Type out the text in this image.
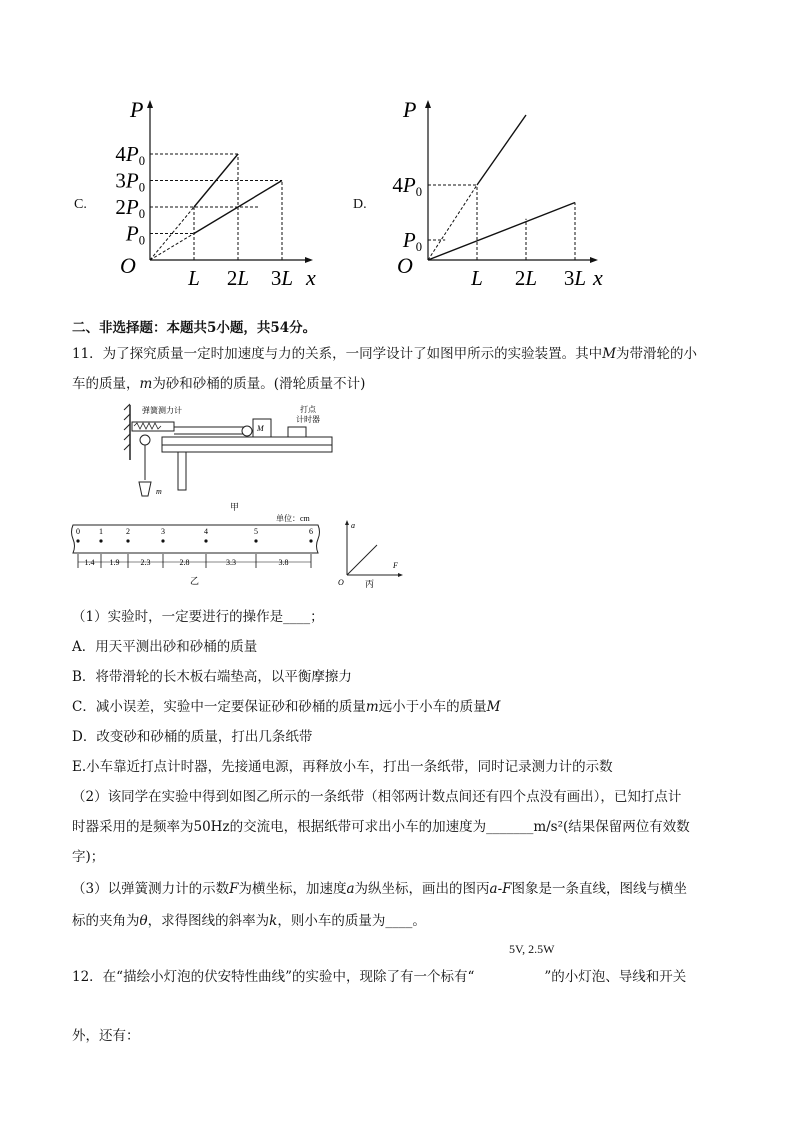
C.
P
x
O
P0
2P0
3P0
4P0
L 2L 3L
D.
P
x
O
P0
4P0
L 2L 3L
二、非选择题：本题共5小题，共54分。
11．为了探究质量一定时加速度与力的关系，一同学设计了如图甲所示的实验装置。其中M为带滑轮的小
车的质量，m为砂和砂桶的质量。(滑轮质量不计)
弹簧测力计
M
打点
计时器
m
甲
单位：cm
0 1	2	3	4	5	6
1.4 1.9	2.3	2.8	3.3	3.8
乙
a
F
O 丙
（1）实验时，一定要进行的操作是____；
A．用天平测出砂和砂桶的质量
B．将带滑轮的长木板右端垫高，以平衡摩擦力
C．减小误差，实验中一定要保证砂和砂桶的质量m远小于小车的质量M
D．改变砂和砂桶的质量，打出几条纸带
E.小车靠近打点计时器，先接通电源，再释放小车，打出一条纸带，同时记录测力计的示数
（2）该同学在实验中得到如图乙所示的一条纸带（相邻两计数点间还有四个点没有画出），已知打点计
时器采用的是频率为50Hz的交流电，根据纸带可求出小车的加速度为_______m/s²(结果保留两位有效数
字)；
（3）以弹簧测力计的示数F为横坐标，加速度a为纵坐标，画出的图丙a-F图象是一条直线，图线与横坐
标的夹角为θ，求得图线的斜率为k，则小车的质量为____。
12．在“描绘小灯泡的伏安特性曲线”的实验中，现除了有一个标有“	”的小灯泡、导线和开关
5V, 2.5W
外，还有：
